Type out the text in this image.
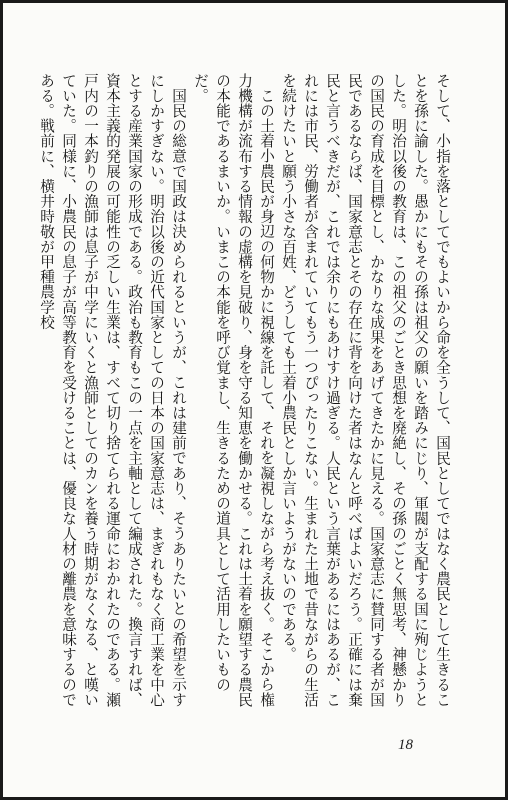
そして、小指を落としてでもよいから命を全うして、国民としてではなく農民として生きることを孫に諭した。愚かにもその孫は祖父の願いを踏みにじり、軍閥が支配する国に殉じようとした。明治以後の教育は、この祖父のごとき思想を廃絶し、その孫のごとく無思考、神懸かりの国民の育成を目標とし、かなりな成果をあげてきたかに見える。国家意志に賛同する者が国民であるならば、国家意志とその存在に背を向けた者はなんと呼べばよいだろう。正確には棄民と言うべきだが、これでは余りにもあけすけ過ぎる。人民という言葉があるにはあるが、これには市民、労働者が含まれていてもう一つぴったりこない。生まれた土地で昔ながらの生活を続けたいと願う小さな百姓、どうしても土着小農民としか言いようがないのである。

この土着小農民が身辺の何物かに視線を託して、それを凝視しながら考え抜く。そこから権力機構が流布する情報の虚構を見破り、身を守る知恵を働かせる。これは土着を願望する農民の本能であるまいか。いまこの本能を呼び覚まし、生きるための道具として活用したいものだ。

国民の総意で国政は決められるというが、これは建前であり、そうありたいとの希望を示すにしかすぎない。明治以後の近代国家としての日本の国家意志は、まぎれもなく商工業を中心とする産業国家の形成である。政治も教育もこの一点を主軸として編成された。換言すれば、資本主義的発展の可能性の乏しい生業は、すべて切り捨てられる運命におかれたのである。瀬戸内の一本釣りの漁師は息子が中学にいくと漁師としてのカンを養う時期がなくなる、と嘆いていた。同様に、小農民の息子が高等教育を受けることは、優良な人材の離農を意味するのである。戦前に、横井時敬が甲種農学校

18
